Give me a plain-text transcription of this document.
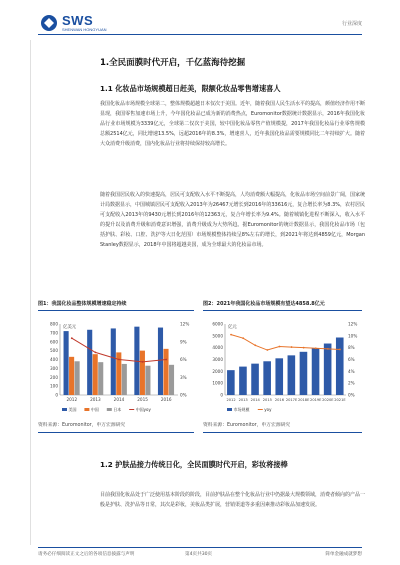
SWS
SHENWAN HONGYUAN
行业深度
1.全民面膜时代开启，千亿蓝海待挖掘
1.1 化妆品市场规模超日赶美，限额化妆品零售增速喜人
我国化妆品市场规模全球第二，整体规模超越日本仅次于美国。近年，随着我国人民生活水平的提高，颜值经济作用不断显现，我国零售加速市场上升，今年国化妆品已成为新的消费热点，Euromonitor数据统计数据显示，2016年我国化妆品行业市场规模为3339亿元，全球第二仅次于美国，较中国化妆品零售产值规模提，2017年我国化妆品行业零售规模总额2514亿元，同比增速13.5%，远超2016年的8.3%，增速喜人，近年我国化妆品需要规模同比二年持续扩大。随着大众消费升级消费，国内化妆品行业将持续保持较高增长。
随着我国居民收入的快速提高，居民可支配收入水平不断提高，人均消费额大幅提高，化妆品市场空间前景广阔，国家统计局数据显示，中国城镇居民可支配收入2013年为26467元增长到2016年的33616元，复合增长率为8.3%，农村居民可支配收入2013年的9430元增长到2016年的12363元，复合年增长率为9.4%。随着城镇化进程不断深入，收入水平的提升以及消费升级和消费意识增强，消费升级成为大势所趋。据Euromonitor的统计数据显示，我国化妆品市场（包括护肤、彩妆、口腔、洗护等大日化范围）市场规模整体持续呈8%左右的增长，到2021年将达到4859亿元，Morgan Stanley数据显示，2018年中国将超越美国，成为全球最大的化妆品市场。
图1：我国化妆品整体规模增速稳定持续
0
100
200
300
400
500
600
700
800
0%
3%
6%
9%
12%
亿美元
2012	2013	2014	2015	2016
美国	中国	日本	中国yoy
资料来源：Euromonitor，申万宏源研究
图2：2021年我国化妆品市场规模有望达4858.8亿元
0
1000
2000
3000
4000
5000
6000
0%
2%
4%
6%
8%
10%
12%
亿元
2012 2013 2014 2015 2016 2017E 2018E 2019E 2020E 2021E
市场规模	yoy
资料来源：Euromonitor，申万宏源研究
1.2 护肤品接力传统日化，全民面膜时代开启，彩妆将接棒
目前我国化妆品处于广泛使用基本阶段的阶段，目前护肤品在整个化妆品行业中仍据最大规模领域，消费者倾向的产品一般是护肤、洗护品等日常，其次是彩妆，美妆品类扩展，营销渠道等多重因素推动彩妆品加速发展。
请务必仔细阅读正文之后的各项信息披露与声明	第4页共30页	简单金融成就梦想
